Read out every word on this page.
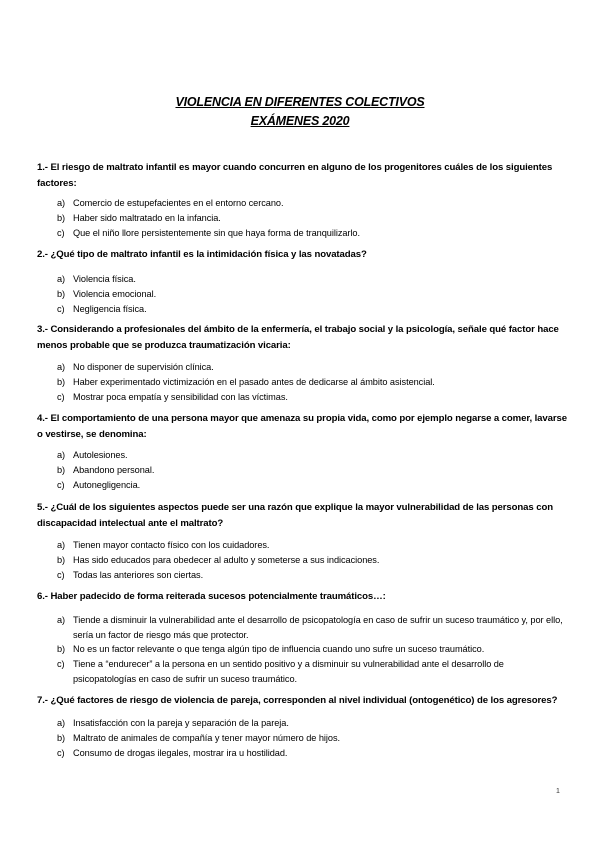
VIOLENCIA EN DIFERENTES COLECTIVOS
EXÁMENES 2020
1.- El riesgo de maltrato infantil es mayor cuando concurren en alguno de los progenitores cuáles de los siguientes factores:
a) Comercio de estupefacientes en el entorno cercano.
b) Haber sido maltratado en la infancia.
c) Que el niño llore persistentemente sin que haya forma de tranquilizarlo.
2.- ¿Qué tipo de maltrato infantil es la intimidación física y las novatadas?
a) Violencia física.
b) Violencia emocional.
c) Negligencia física.
3.- Considerando a profesionales del ámbito de la enfermería, el trabajo social y la psicología, señale qué factor hace menos probable que se produzca traumatización vicaria:
a) No disponer de supervisión clínica.
b) Haber experimentado victimización en el pasado antes de dedicarse al ámbito asistencial.
c) Mostrar poca empatía y sensibilidad con las víctimas.
4.- El comportamiento de una persona mayor que amenaza su propia vida, como por ejemplo negarse a comer, lavarse o vestirse, se denomina:
a) Autolesiones.
b) Abandono personal.
c) Autonegligencia.
5.- ¿Cuál de los siguientes aspectos puede ser una razón que explique la mayor vulnerabilidad de las personas con discapacidad intelectual ante el maltrato?
a) Tienen mayor contacto físico con los cuidadores.
b) Has sido educados para obedecer al adulto y someterse a sus indicaciones.
c) Todas las anteriores son ciertas.
6.- Haber padecido de forma reiterada sucesos potencialmente traumáticos…:
a) Tiende a disminuir la vulnerabilidad ante el desarrollo de psicopatología en caso de sufrir un suceso traumático y, por ello, sería un factor de riesgo más que protector.
b) No es un factor relevante o que tenga algún tipo de influencia cuando uno sufre un suceso traumático.
c) Tiene a “endurecer” a la persona en un sentido positivo y a disminuir su vulnerabilidad ante el desarrollo de psicopatologías en caso de sufrir un suceso traumático.
7.- ¿Qué factores de riesgo de violencia de pareja, corresponden al nivel individual (ontogenético) de los agresores?
a) Insatisfacción con la pareja y separación de la pareja.
b) Maltrato de animales de compañía y tener mayor número de hijos.
c) Consumo de drogas ilegales, mostrar ira u hostilidad.
1
